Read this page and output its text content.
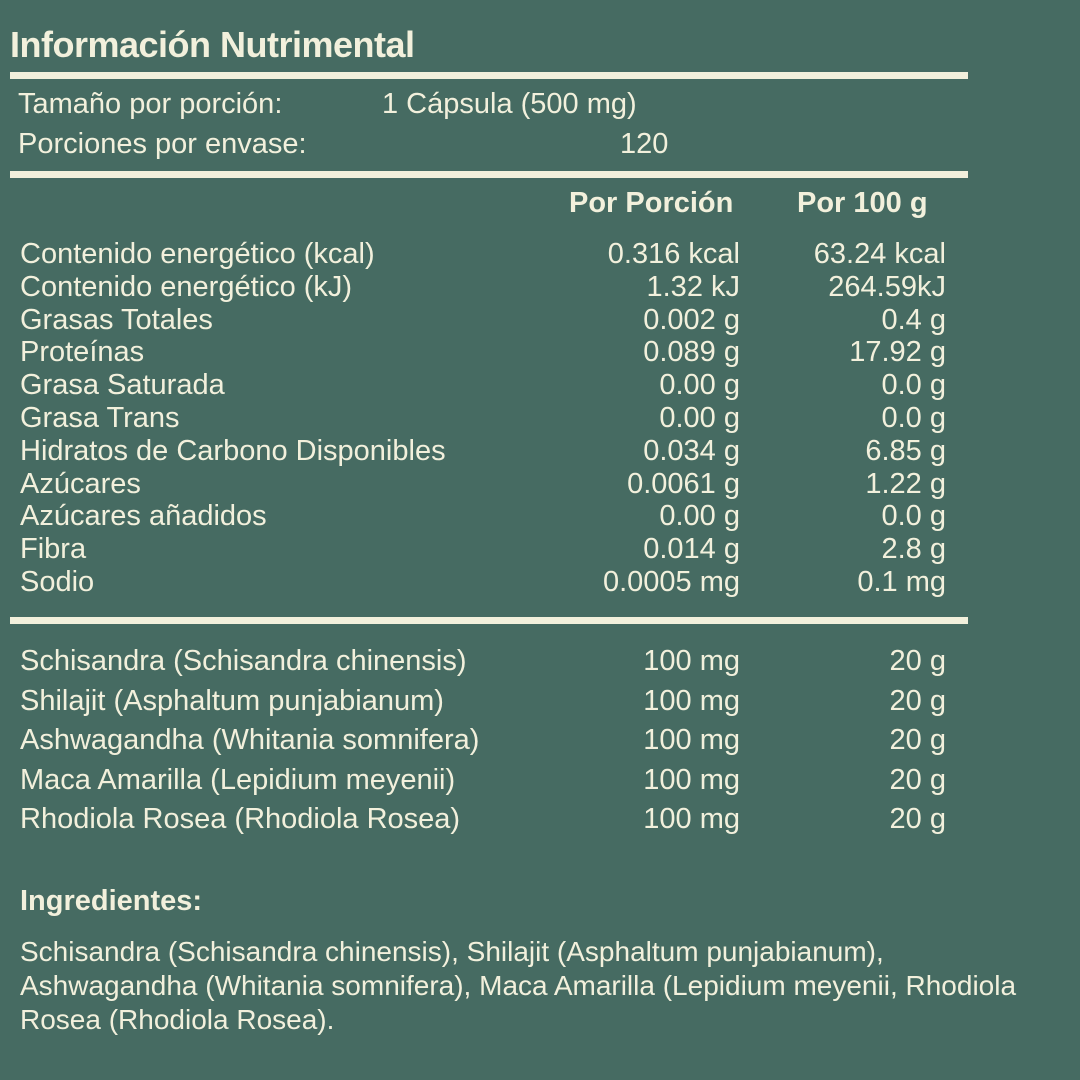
Información Nutrimental
Tamaño por porción:	1 Cápsula (500 mg)
Porciones por envase:	120
Por Porción Por 100 g
Contenido energético (kcal)	0.316 kcal	63.24 kcal
Contenido energético (kJ)	1.32 kJ	264.59kJ
Grasas Totales	0.002 g	0.4 g
Proteínas	0.089 g	17.92 g
Grasa Saturada	0.00 g	0.0 g
Grasa Trans	0.00 g	0.0 g
Hidratos de Carbono Disponibles	0.034 g	6.85 g
Azúcares	0.0061 g	1.22 g
Azúcares añadidos	0.00 g	0.0 g
Fibra	0.014 g	2.8 g
Sodio	0.0005 mg	0.1 mg
Schisandra (Schisandra chinensis)	100 mg	20 g
Shilajit (Asphaltum punjabianum)	100 mg	20 g
Ashwagandha (Whitania somnifera)	100 mg	20 g
Maca Amarilla (Lepidium meyenii)	100 mg	20 g
Rhodiola Rosea (Rhodiola Rosea)	100 mg	20 g
Ingredientes:
Schisandra (Schisandra chinensis), Shilajit (Asphaltum punjabianum), Ashwagandha (Whitania somnifera), Maca Amarilla (Lepidium meyenii, Rhodiola Rosea (Rhodiola Rosea).
